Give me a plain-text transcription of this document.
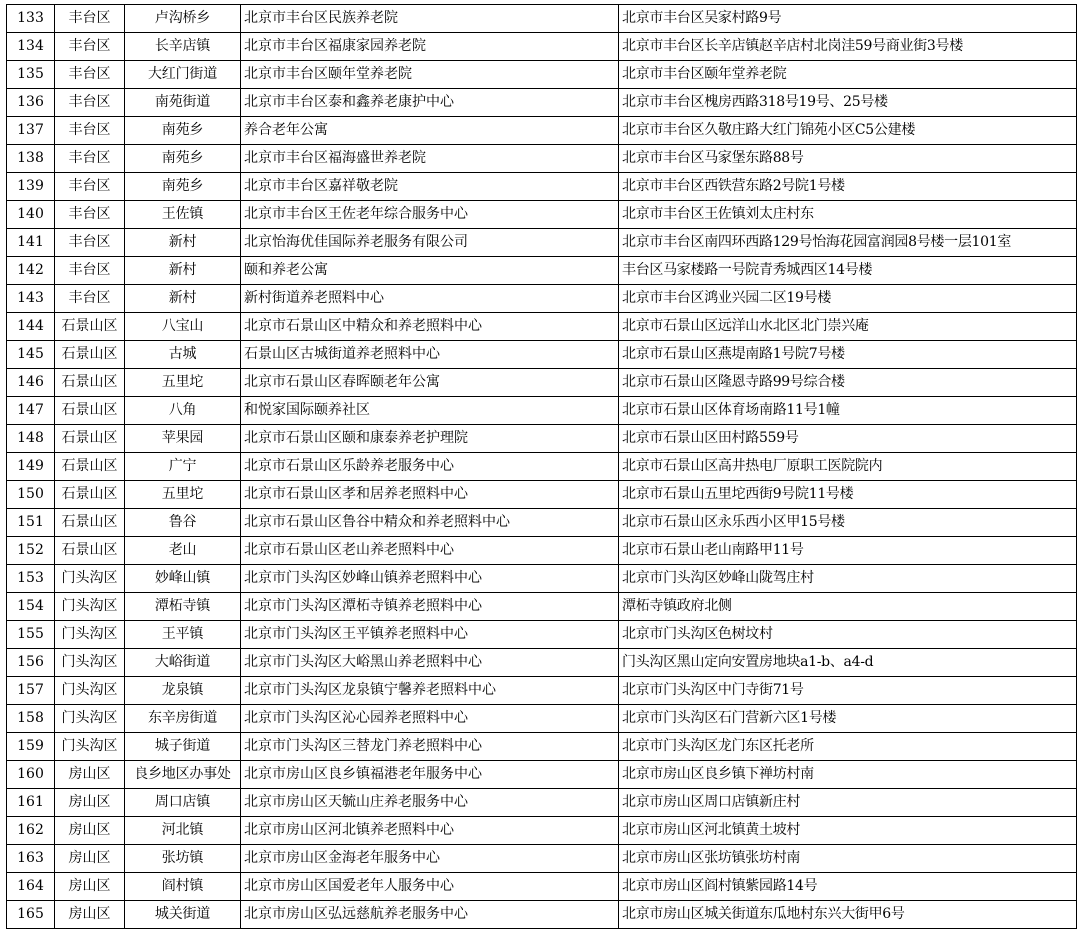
133	丰台区	卢沟桥乡	北京市丰台区民族养老院	北京市丰台区吴家村路9号
134	丰台区	长辛店镇	北京市丰台区福康家园养老院	北京市丰台区长辛店镇赵辛店村北岗洼59号商业街3号楼
135	丰台区	大红门街道	北京市丰台区颐年堂养老院	北京市丰台区颐年堂养老院
136	丰台区	南苑街道	北京市丰台区泰和鑫养老康护中心	北京市丰台区槐房西路318号19号、25号楼
137	丰台区	南苑乡	养合老年公寓	北京市丰台区久敬庄路大红门锦苑小区C5公建楼
138	丰台区	南苑乡	北京市丰台区福海盛世养老院	北京市丰台区马家堡东路88号
139	丰台区	南苑乡	北京市丰台区嘉祥敬老院	北京市丰台区西铁营东路2号院1号楼
140	丰台区	王佐镇	北京市丰台区王佐老年综合服务中心	北京市丰台区王佐镇刘太庄村东
141	丰台区	新村	北京怡海优佳国际养老服务有限公司	北京市丰台区南四环西路129号怡海花园富润园8号楼一层101室
142	丰台区	新村	颐和养老公寓	丰台区马家楼路一号院青秀城西区14号楼
143	丰台区	新村	新村街道养老照料中心	北京市丰台区鸿业兴园二区19号楼
144	石景山区	八宝山	北京市石景山区中精众和养老照料中心	北京市石景山区远洋山水北区北门崇兴庵
145	石景山区	古城	石景山区古城街道养老照料中心	北京市石景山区燕堤南路1号院7号楼
146	石景山区	五里坨	北京市石景山区春晖颐老年公寓	北京市石景山区隆恩寺路99号综合楼
147	石景山区	八角	和悦家国际颐养社区	北京市石景山区体育场南路11号1幢
148	石景山区	苹果园	北京市石景山区颐和康泰养老护理院	北京市石景山区田村路559号
149	石景山区	广宁	北京市石景山区乐龄养老服务中心	北京市石景山区高井热电厂原职工医院院内
150	石景山区	五里坨	北京市石景山区孝和居养老照料中心	北京市石景山五里坨西街9号院11号楼
151	石景山区	鲁谷	北京市石景山区鲁谷中精众和养老照料中心	北京市石景山区永乐西小区甲15号楼
152	石景山区	老山	北京市石景山区老山养老照料中心	北京市石景山老山南路甲11号
153	门头沟区	妙峰山镇	北京市门头沟区妙峰山镇养老照料中心	北京市门头沟区妙峰山陇驾庄村
154	门头沟区	潭柘寺镇	北京市门头沟区潭柘寺镇养老照料中心	潭柘寺镇政府北侧
155	门头沟区	王平镇	北京市门头沟区王平镇养老照料中心	北京市门头沟区色树坟村
156	门头沟区	大峪街道	北京市门头沟区大峪黑山养老照料中心	门头沟区黑山定向安置房地块a1-b、a4-d
157	门头沟区	龙泉镇	北京市门头沟区龙泉镇宁馨养老照料中心	北京市门头沟区中门寺街71号
158	门头沟区	东辛房街道	北京市门头沟区沁心园养老照料中心	北京市门头沟区石门营新六区1号楼
159	门头沟区	城子街道	北京市门头沟区三替龙门养老照料中心	北京市门头沟区龙门东区托老所
160	房山区	良乡地区办事处	北京市房山区良乡镇福港老年服务中心	北京市房山区良乡镇下禅坊村南
161	房山区	周口店镇	北京市房山区天毓山庄养老服务中心	北京市房山区周口店镇新庄村
162	房山区	河北镇	北京市房山区河北镇养老照料中心	北京市房山区河北镇黄土坡村
163	房山区	张坊镇	北京市房山区金海老年服务中心	北京市房山区张坊镇张坊村南
164	房山区	阎村镇	北京市房山区国爱老年人服务中心	北京市房山区阎村镇紫园路14号
165	房山区	城关街道	北京市房山区弘远慈航养老服务中心	北京市房山区城关街道东瓜地村东兴大街甲6号
